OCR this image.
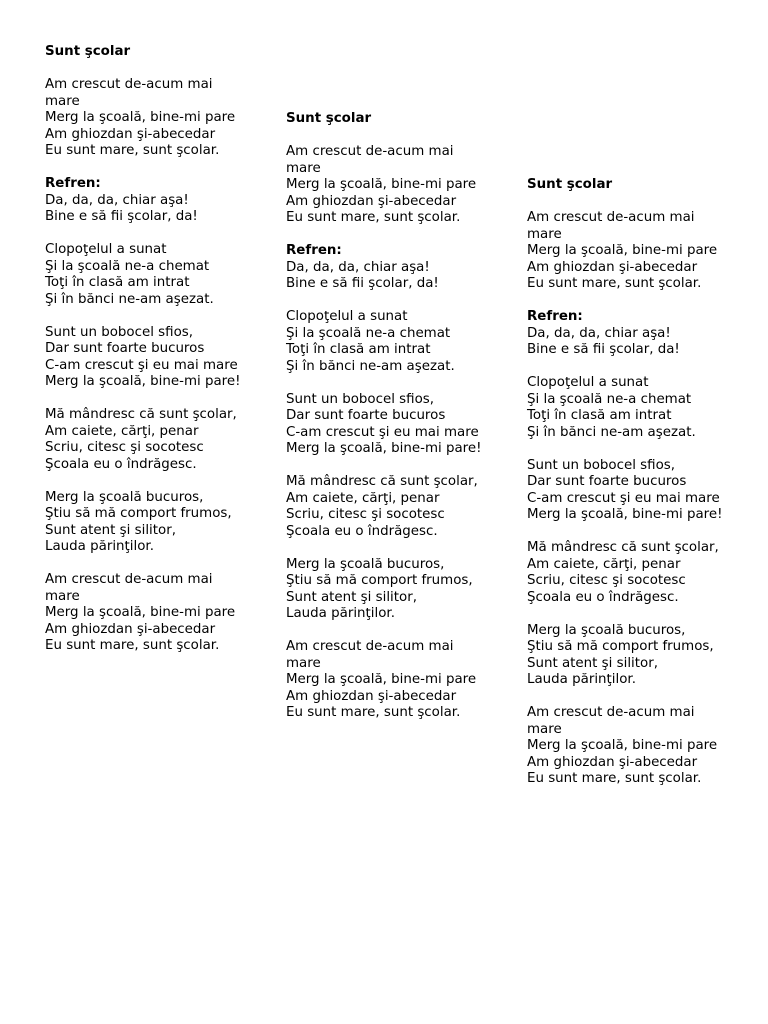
Sunt şcolar
Am crescut de-acum mai mare
Merg la şcoală, bine-mi pare
Am ghiozdan şi-abecedar
Eu sunt mare, sunt şcolar.
Refren:
Da, da, da, chiar aşa!
Bine e să fii şcolar, da!
Clopoţelul a sunat
Şi la şcoală ne-a chemat
Toţi în clasă am intrat
Şi în bănci ne-am aşezat.
Sunt un bobocel sfios,
Dar sunt foarte bucuros
C-am crescut şi eu mai mare
Merg la şcoală, bine-mi pare!
Mă mândresc că sunt şcolar,
Am caiete, cărţi, penar
Scriu, citesc şi socotesc
Şcoala eu o îndrăgesc.
Merg la şcoală bucuros,
Ştiu să mă comport frumos,
Sunt atent şi silitor,
Lauda părinţilor.
Am crescut de-acum mai mare
Merg la şcoală, bine-mi pare
Am ghiozdan şi-abecedar
Eu sunt mare, sunt şcolar.
Sunt şcolar
Am crescut de-acum mai mare
Merg la şcoală, bine-mi pare
Am ghiozdan şi-abecedar
Eu sunt mare, sunt şcolar.
Refren:
Da, da, da, chiar aşa!
Bine e să fii şcolar, da!
Clopoţelul a sunat
Şi la şcoală ne-a chemat
Toţi în clasă am intrat
Şi în bănci ne-am aşezat.
Sunt un bobocel sfios,
Dar sunt foarte bucuros
C-am crescut şi eu mai mare
Merg la şcoală, bine-mi pare!
Mă mândresc că sunt şcolar,
Am caiete, cărţi, penar
Scriu, citesc şi socotesc
Şcoala eu o îndrăgesc.
Merg la şcoală bucuros,
Ştiu să mă comport frumos,
Sunt atent şi silitor,
Lauda părinţilor.
Am crescut de-acum mai mare
Merg la şcoală, bine-mi pare
Am ghiozdan şi-abecedar
Eu sunt mare, sunt şcolar.
Sunt şcolar
Am crescut de-acum mai mare
Merg la şcoală, bine-mi pare
Am ghiozdan şi-abecedar
Eu sunt mare, sunt şcolar.
Refren:
Da, da, da, chiar aşa!
Bine e să fii şcolar, da!
Clopoţelul a sunat
Şi la şcoală ne-a chemat
Toţi în clasă am intrat
Şi în bănci ne-am aşezat.
Sunt un bobocel sfios,
Dar sunt foarte bucuros
C-am crescut şi eu mai mare
Merg la şcoală, bine-mi pare!
Mă mândresc că sunt şcolar,
Am caiete, cărţi, penar
Scriu, citesc şi socotesc
Şcoala eu o îndrăgesc.
Merg la şcoală bucuros,
Ştiu să mă comport frumos,
Sunt atent şi silitor,
Lauda părinţilor.
Am crescut de-acum mai mare
Merg la şcoală, bine-mi pare
Am ghiozdan şi-abecedar
Eu sunt mare, sunt şcolar.
